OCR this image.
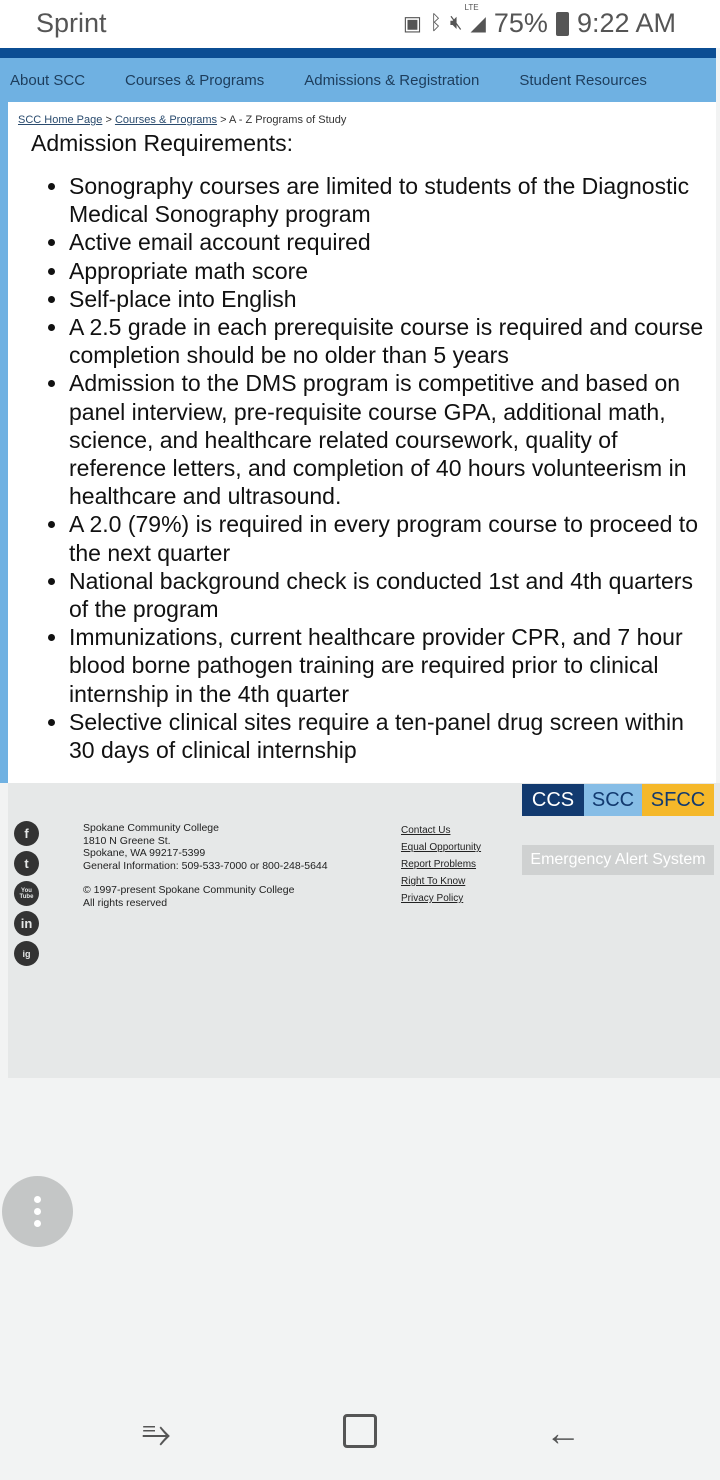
Sprint	▣ ᛒ 🔇︎
LTE
◢ 75% 9:22 AM
About SCC	Courses & Programs	Admissions & Registration	Student Resources
SCC Home Page > Courses & Programs > A - Z Programs of Study
Admission Requirements:
• Sonography courses are limited to students of the Diagnostic Medical Sonography program
• Active email account required
• Appropriate math score
• Self-place into English
• A 2.5 grade in each prerequisite course is required and course completion should be no older than 5 years
• Admission to the DMS program is competitive and based on panel interview, pre-requisite course GPA, additional math, science, and healthcare related coursework, quality of reference letters, and completion of 40 hours volunteerism in healthcare and ultrasound.
• A 2.0 (79%) is required in every program course to proceed to the next quarter
• National background check is conducted 1st and 4th quarters of the program
• Immunizations, current healthcare provider CPR, and 7 hour blood borne pathogen training are required prior to clinical internship in the 4th quarter
• Selective clinical sites require a ten-panel drug screen within 30 days of clinical internship
f
t
You Tube
in
ig
Spokane Community College
1810 N Greene St.
Spokane, WA 99217-5399
General Information: 509-533-7000 or 800-248-5644
© 1997-present Spokane Community College
All rights reserved
Contact Us
Equal Opportunity
Report Problems
Right To Know
Privacy Policy
CCS SCC SFCC
Emergency Alert System
⥱	←
